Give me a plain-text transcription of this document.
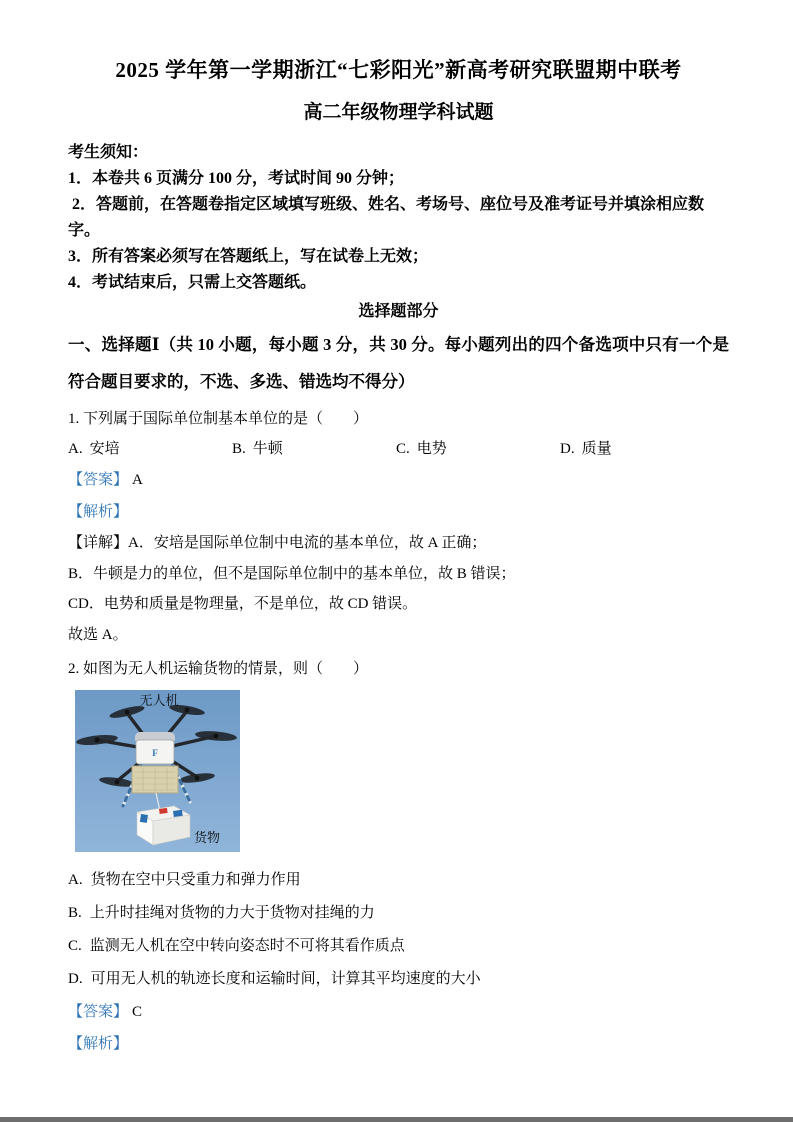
2025 学年第一学期浙江“七彩阳光”新高考研究联盟期中联考

高二年级物理学科试题

考生须知：

1．本卷共 6 页满分 100 分，考试时间 90 分钟；

2．答题前，在答题卷指定区域填写班级、姓名、考场号、座位号及准考证号并填涂相应数字。

3．所有答案必须写在答题纸上，写在试卷上无效；

4．考试结束后，只需上交答题纸。

选择题部分

一、选择题Ⅰ（共 10 小题，每小题 3 分，共 30 分。每小题列出的四个备选项中只有一个是符合题目要求的，不选、多选、错选均不得分）

1. 下列属于国际单位制基本单位的是（　　）

A. 安培	B. 牛顿	C. 电势	D. 质量

【答案】 A

【解析】

【详解】A．安培是国际单位制中电流的基本单位，故 A 正确；

B．牛顿是力的单位，但不是国际单位制中的基本单位，故 B 错误；

CD．电势和质量是物理量，不是单位，故 CD 错误。

故选 A。

2. 如图为无人机运输货物的情景，则（　　）

F
无人机
货物

A. 货物在空中只受重力和弹力作用

B. 上升时挂绳对货物的力大于货物对挂绳的力

C. 监测无人机在空中转向姿态时不可将其看作质点

D. 可用无人机的轨迹长度和运输时间，计算其平均速度的大小

【答案】 C

【解析】
